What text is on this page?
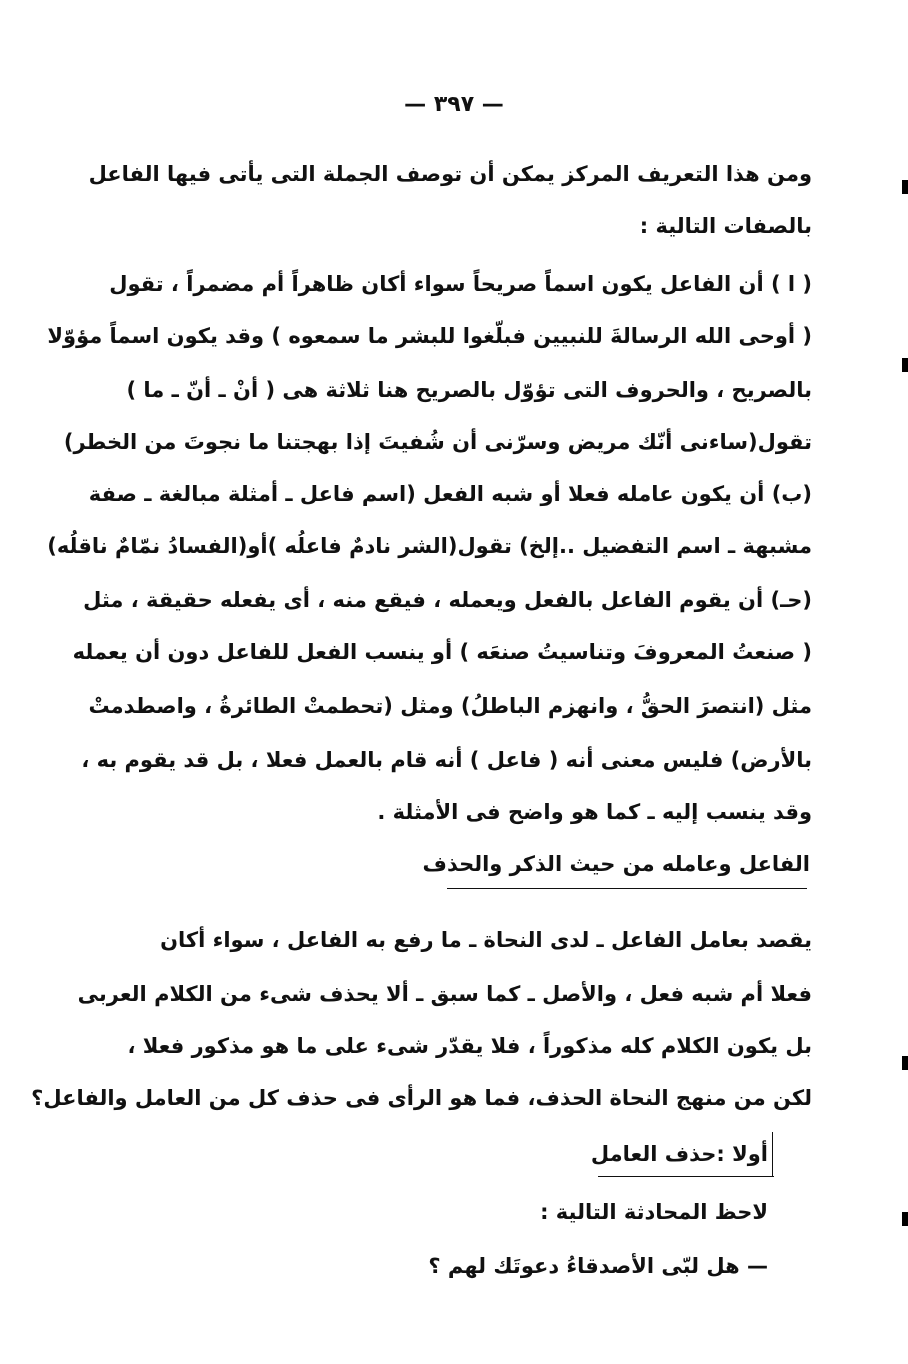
— ٣٩٧ —
ومن هذا التعريف المركز يمكن أن توصف الجملة التى يأتى فيها الفاعل
بالصفات التالية :
( ا ) أن الفاعل يكون اسماً صريحاً سواء أكان ظاهراً أم مضمراً ، تقول
( أوحى الله الرسالةَ للنبيين فبلّغوا للبشر ما سمعوه ) وقد يكون اسماً مؤوّلا
بالصريح ، والحروف التى تؤوّل بالصريح هنا ثلاثة هى ( أنْ ـ أنّ ـ ما )
تقول(ساءنى أنّك مريض وسرّنى أن شُفيتَ إذا بهجتنا ما نجوتَ من الخطر)
(ب) أن يكون عامله فعلا أو شبه الفعل (اسم فاعل ـ أمثلة مبالغة ـ صفة
مشبهة ـ اسم التفضيل ..إلخ) تقول(الشر نادمٌ فاعلُه )أو(الفسادُ نمّامٌ ناقلُه)
(حـ) أن يقوم الفاعل بالفعل ويعمله ، فيقع منه ، أى يفعله حقيقة ، مثل
( صنعتُ المعروفَ وتناسيتُ صنعَه ) أو ينسب الفعل للفاعل دون أن يعمله
مثل (انتصرَ الحقُّ ، وانهزم الباطلُ) ومثل (تحطمتْ الطائرةُ ، واصطدمتْ
بالأرض) فليس معنى أنه ( فاعل ) أنه قام بالعمل فعلا ، بل قد يقوم به ،
وقد ينسب إليه ـ كما هو واضح فى الأمثلة .
الفاعل وعامله من حيث الذكر والحذف
يقصد بعامل الفاعل ـ لدى النحاة ـ ما رفع به الفاعل ، سواء أكان
فعلا أم شبه فعل ، والأصل ـ كما سبق ـ ألا يحذف شىء من الكلام العربى
بل يكون الكلام كله مذكوراً ، فلا يقدّر شىء على ما هو مذكور فعلا ،
لكن من منهج النحاة الحذف، فما هو الرأى فى حذف كل من العامل والفاعل؟
أولا :حذف العامل
لاحظ المحادثة التالية :
— هل لبّى الأصدقاءُ دعوتَك لهم ؟
